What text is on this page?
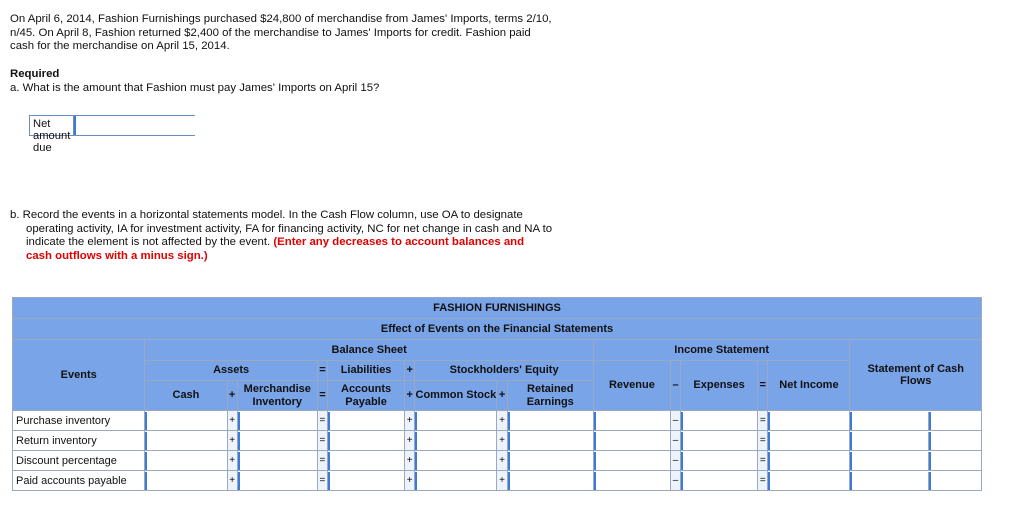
On April 6, 2014, Fashion Furnishings purchased $24,800 of merchandise from James' Imports, terms 2/10,
n/45. On April 8, Fashion returned $2,400 of the merchandise to James' Imports for credit. Fashion paid
cash for the merchandise on April 15, 2014.
Required
a. What is the amount that Fashion must pay James' Imports on April 15?
Net amount due
b. Record the events in a horizontal statements model. In the Cash Flow column, use OA to designate
operating activity, IA for investment activity, FA for financing activity, NC for net change in cash and NA to
indicate the element is not affected by the event. (Enter any decreases to account balances and
cash outflows with a minus sign.)
FASHION FURNISHINGS															
Effect of Events on the Financial Statements															
Events	Balance Sheet									Income Statement					Statement of Cash Flows
	Assets			=	Liabilities	+	Stockholders' Equity			Revenue	–	Expenses	=	Net Income	
	Cash	+	Merchandise Inventory	=	Accounts Payable	+	Common Stock	+	Retained Earnings						
Purchase inventory		+		=		+		+			–		=		

Return inventory		+		=		+		+			–		=		

Discount percentage		+		=		+		+			–		=		

Paid accounts payable		+		=		+		+			–		=		
